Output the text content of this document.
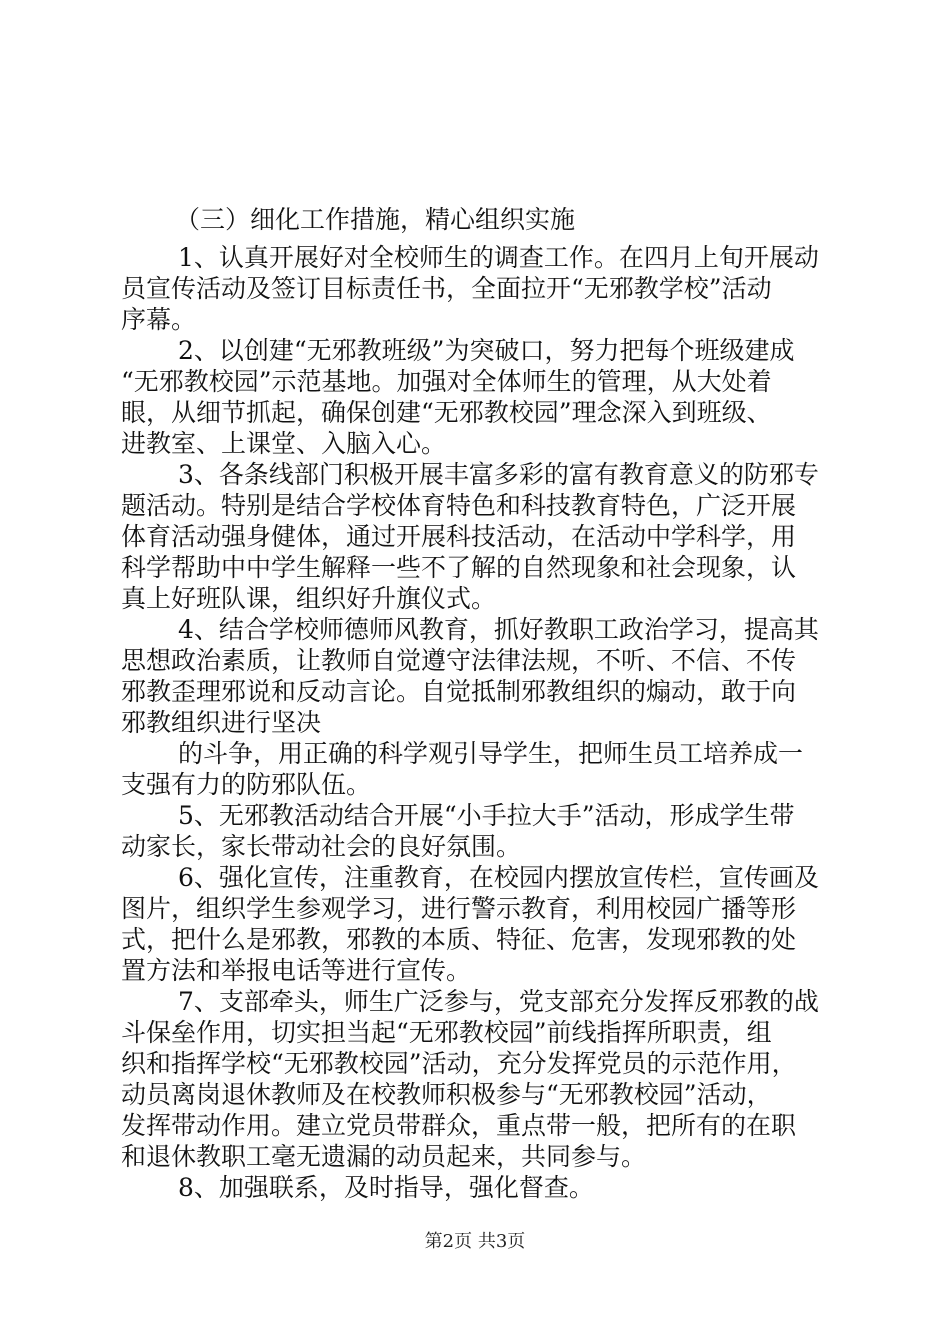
（三）细化工作措施，精心组织实施
1、认真开展好对全校师生的调查工作。在四月上旬开展动
员宣传活动及签订目标责任书，全面拉开“无邪教学校”活动
序幕。
2、以创建“无邪教班级”为突破口，努力把每个班级建成
“无邪教校园”示范基地。加强对全体师生的管理，从大处着
眼，从细节抓起，确保创建“无邪教校园”理念深入到班级、
进教室、上课堂、入脑入心。
3、各条线部门积极开展丰富多彩的富有教育意义的防邪专
题活动。特别是结合学校体育特色和科技教育特色，广泛开展
体育活动强身健体，通过开展科技活动，在活动中学科学，用
科学帮助中中学生解释一些不了解的自然现象和社会现象，认
真上好班队课，组织好升旗仪式。
4、结合学校师德师风教育，抓好教职工政治学习，提高其
思想政治素质，让教师自觉遵守法律法规，不听、不信、不传
邪教歪理邪说和反动言论。自觉抵制邪教组织的煽动，敢于向
邪教组织进行坚决
的斗争，用正确的科学观引导学生，把师生员工培养成一
支强有力的防邪队伍。
5、无邪教活动结合开展“小手拉大手”活动，形成学生带
动家长，家长带动社会的良好氛围。
6、强化宣传，注重教育，在校园内摆放宣传栏，宣传画及
图片，组织学生参观学习，进行警示教育，利用校园广播等形
式，把什么是邪教，邪教的本质、特征、危害，发现邪教的处
置方法和举报电话等进行宣传。
7、支部牵头，师生广泛参与，党支部充分发挥反邪教的战
斗保垒作用，切实担当起“无邪教校园”前线指挥所职责，组
织和指挥学校“无邪教校园”活动，充分发挥党员的示范作用，
动员离岗退休教师及在校教师积极参与“无邪教校园”活动，
发挥带动作用。建立党员带群众，重点带一般，把所有的在职
和退休教职工毫无遗漏的动员起来，共同参与。
8、加强联系，及时指导，强化督查。
第2页 共3页
